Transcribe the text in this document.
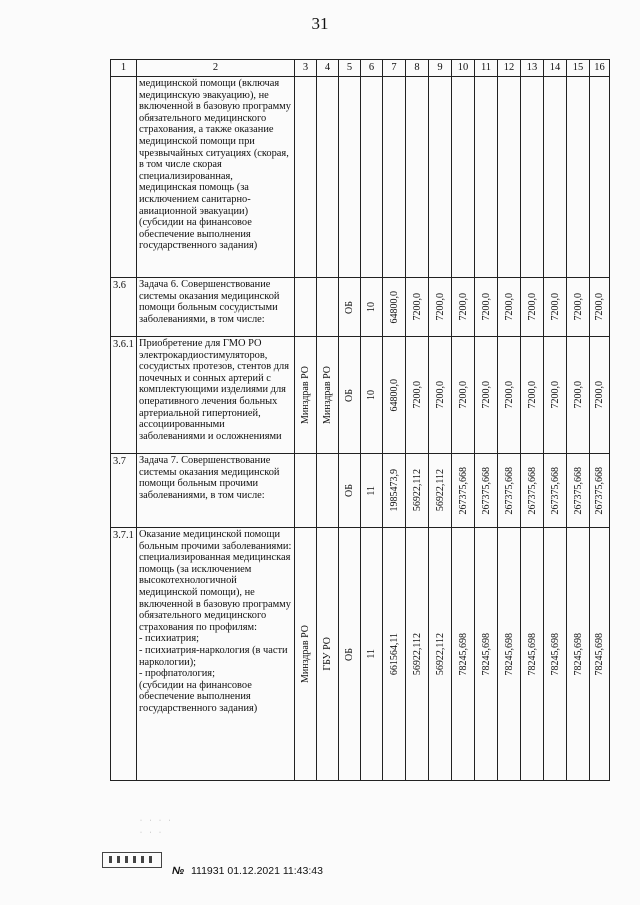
31
1	2	3	4	5	6	7	8	9	10	11	12	13	14	15	16
	медицинской помощи (включая медицинскую эвакуацию), не включенной в базовую программу обязательного медицинского страхования, а также оказание медицинской помощи при чрезвычайных ситуациях (скорая, в том числе скорая специализированная, медицинская помощь (за исключением санитарно-авиационной эвакуации) (субсидии на финансовое обеспечение выполнения государственного задания)	

3.6	Задача 6. Совершенствование системы оказания медицинской помощи больным сосудистыми заболеваниями, в том числе:			ОБ	10	64800,0	7200,0	7200,0	7200,0	7200,0	7200,0	7200,0	7200,0	7200,0	7200,0

3.6.1	Приобретение для ГМО РО электрокардиостимуляторов, сосудистых протезов, стентов для почечных и сонных артерий с комплектующими изделиями для оперативного лечения больных артериальной гипертонией, ассоциированными заболеваниями и осложнениями	Минздрав РО	Минздрав РО	ОБ	10	64800,0	7200,0	7200,0	7200,0	7200,0	7200,0	7200,0	7200,0	7200,0	7200,0

3.7	Задача 7. Совершенствование системы оказания медицинской помощи больным прочими заболеваниями, в том числе:			ОБ	11	1985473,9	56922,112	56922,112	267375,668	267375,668	267375,668	267375,668	267375,668	267375,668	267375,668

3.7.1	Оказание медицинской помощи больным прочими заболеваниями: специализированная медицинская помощь (за исключением высокотехнологичной медицинской помощи), не включенной в базовую программу обязательного медицинского страхования по профилям:
- психиатрия;
- психиатрия-наркология (в части наркологии);
- профпатология;
(субсидии на финансовое обеспечение выполнения государственного задания)	Минздрав РО	ГБУ РО	ОБ	11	661564,11	56922,112	56922,112	78245,698	78245,698	78245,698	78245,698	78245,698	78245,698	78245,698
· · · ·
· · ·
№ 111931 01.12.2021 11:43:43
